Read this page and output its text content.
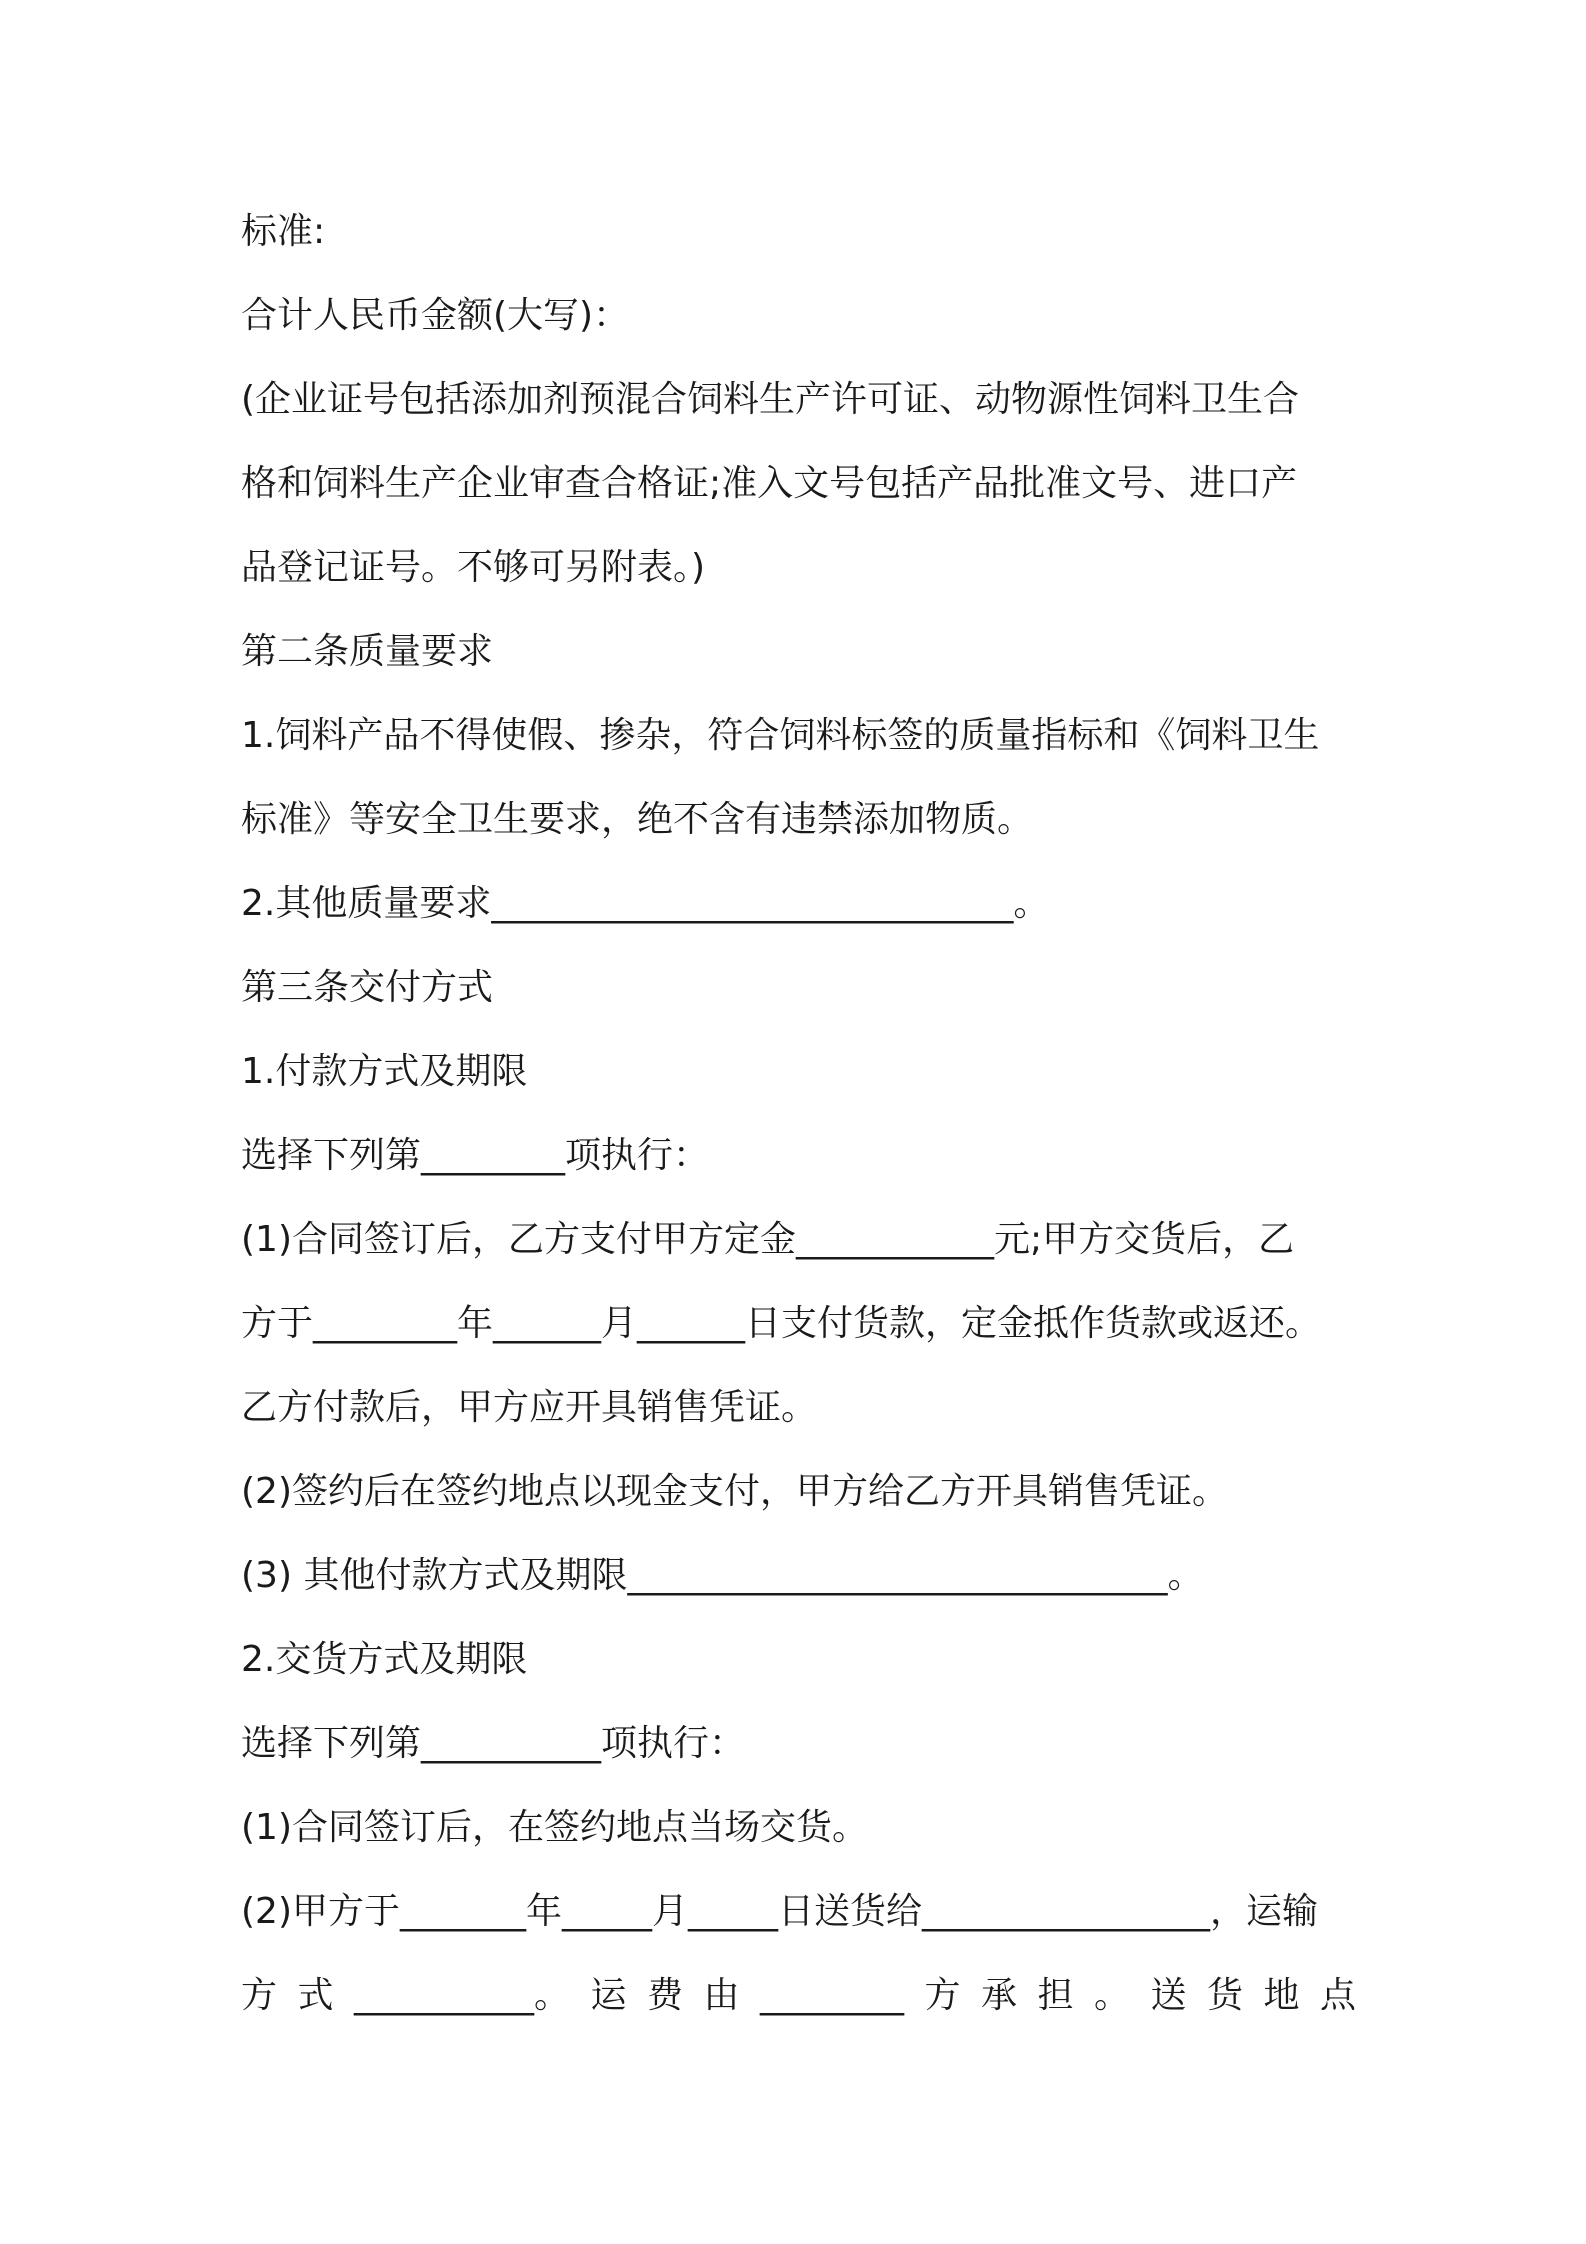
标准:
合计人民币金额(大写)：
(企业证号包括添加剂预混合饲料生产许可证、动物源性饲料卫生合
格和饲料生产企业审查合格证;准入文号包括产品批准文号、进口产
品登记证号。不够可另附表。)
第二条质量要求
1.饲料产品不得使假、掺杂，符合饲料标签的质量指标和《饲料卫生
标准》等安全卫生要求，绝不含有违禁添加物质。
2.其他质量要求_____________________________。
第三条交付方式
1.付款方式及期限
选择下列第________项执行：
(1)合同签订后，乙方支付甲方定金___________元;甲方交货后，乙
方于________年______月______日支付货款，定金抵作货款或返还。
乙方付款后，甲方应开具销售凭证。
(2)签约后在签约地点以现金支付，甲方给乙方开具销售凭证。
(3) 其他付款方式及期限______________________________。
2.交货方式及期限
选择下列第__________项执行：
(1)合同签订后，在签约地点当场交货。
(2)甲方于_______年_____月_____日送货给________________，运输
方 式 __________。 运 费 由 ________ 方 承 担 。 送 货 地 点
